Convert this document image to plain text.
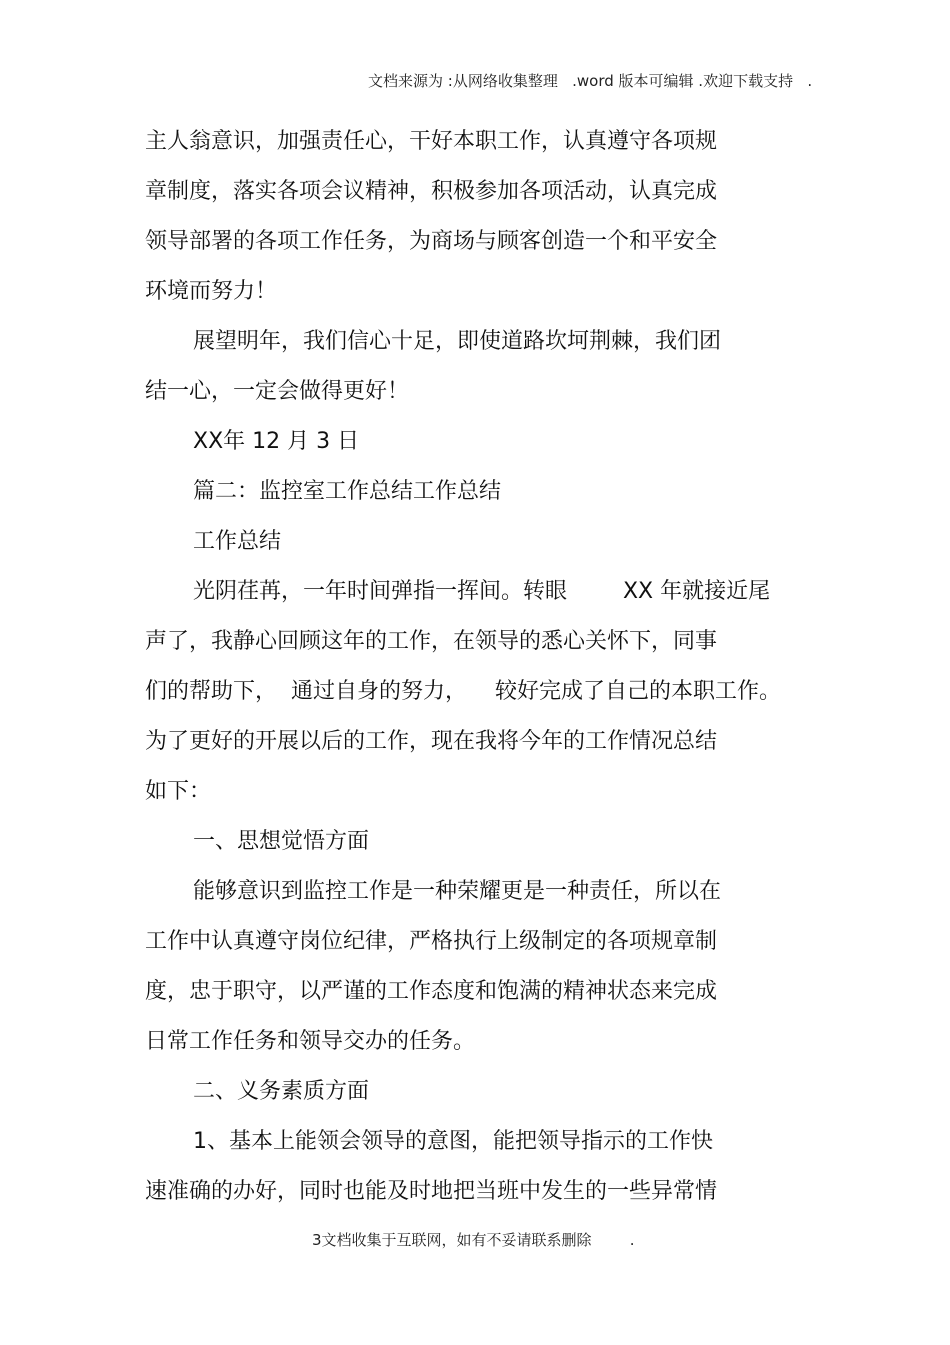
文档来源为 :从网络收集整理   .word 版本可编辑 .欢迎下载支持   .
主人翁意识，加强责任心，干好本职工作，认真遵守各项规
章制度，落实各项会议精神，积极参加各项活动，认真完成
领导部署的各项工作任务，为商场与顾客创造一个和平安全
环境而努力！
展望明年，我们信心十足，即使道路坎坷荆棘，我们团
结一心，一定会做得更好！
XX年 12 月 3 日
篇二：监控室工作总结工作总结
工作总结
光阴荏苒，一年时间弹指一挥间。转眼        XX 年就接近尾
声了，我静心回顾这年的工作，在领导的悉心关怀下，同事
们的帮助下，  通过自身的努力，    较好完成了自己的本职工作。
为了更好的开展以后的工作，现在我将今年的工作情况总结
如下：
一、思想觉悟方面
能够意识到监控工作是一种荣耀更是一种责任，所以在
工作中认真遵守岗位纪律，严格执行上级制定的各项规章制
度，忠于职守，以严谨的工作态度和饱满的精神状态来完成
日常工作任务和领导交办的任务。
二、义务素质方面
1、基本上能领会领导的意图，能把领导指示的工作快
速准确的办好，同时也能及时地把当班中发生的一些异常情
3文档收集于互联网，如有不妥请联系删除        .
